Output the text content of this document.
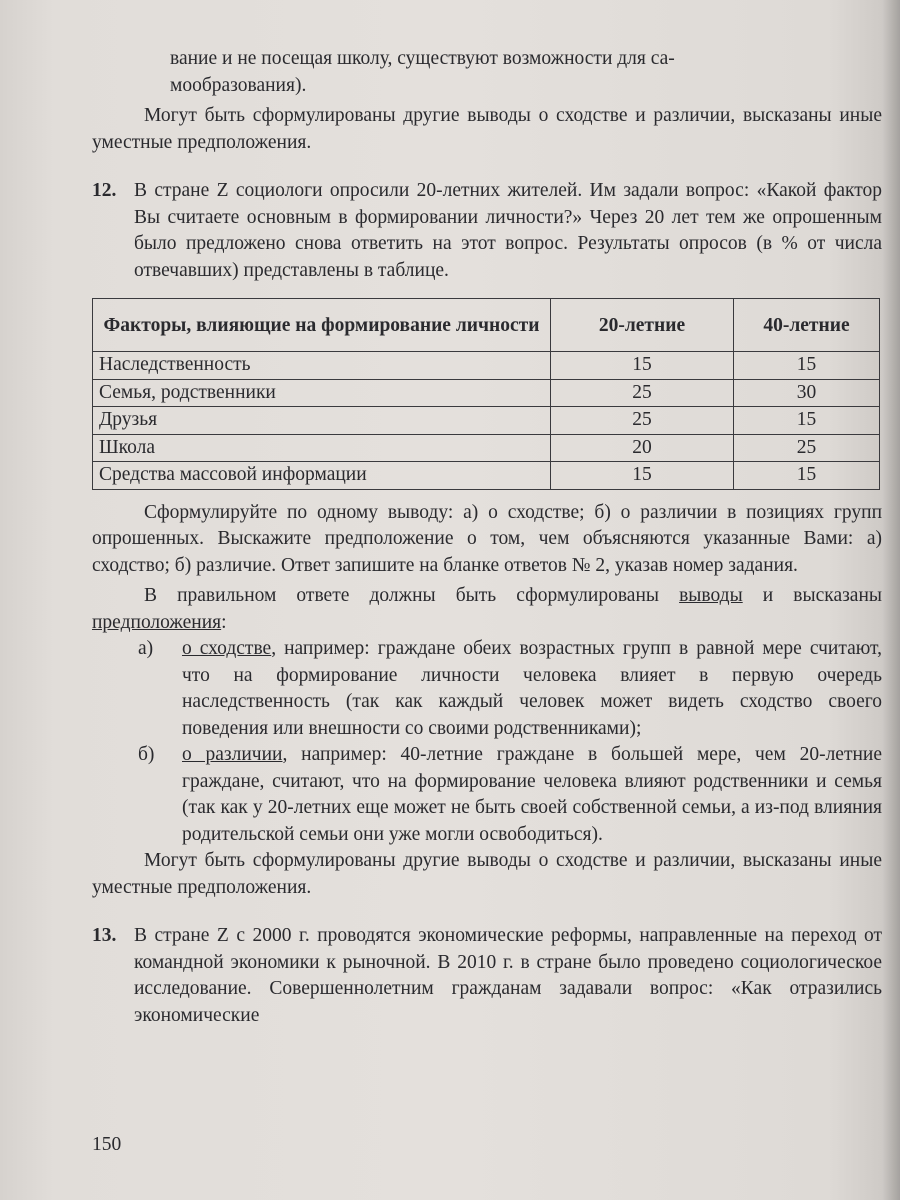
вание и не посещая школу, существуют возможности для са-

мообразования).

Могут быть сформулированы другие выводы о сходстве и различии, высказаны иные уместные предположения.

12. В стране Z социологи опросили 20-летних жителей. Им задали вопрос: «Какой фактор Вы считаете основным в формировании личности?» Через 20 лет тем же опрошенным было предложено снова ответить на этот вопрос. Результаты опросов (в % от числа отвечавших) представлены в таблице.

Факторы, влияющие на формирование личности	20-летние	40-летние
Наследственность	15	15
Семья, родственники	25	30
Друзья	25	15
Школа	20	25
Средства массовой информации	15	15

Сформулируйте по одному выводу: а) о сходстве; б) о различии в позициях групп опрошенных. Выскажите предположение о том, чем объясняются указанные Вами: а) сходство; б) различие. Ответ запишите на бланке ответов № 2, указав номер задания.

В правильном ответе должны быть сформулированы выводы и высказаны предположения:

а) о сходстве, например: граждане обеих возрастных групп в равной мере считают, что на формирование личности человека влияет в первую очередь наследственность (так как каждый человек может видеть сходство своего поведения или внешности со своими родственниками);

б) о различии, например: 40-летние граждане в большей мере, чем 20-летние граждане, считают, что на формирование человека влияют родственники и семья (так как у 20-летних еще может не быть своей собственной семьи, а из-под влияния родительской семьи они уже могли освободиться).

Могут быть сформулированы другие выводы о сходстве и различии, высказаны иные уместные предположения.

13. В стране Z с 2000 г. проводятся экономические реформы, направленные на переход от командной экономики к рыночной. В 2010 г. в стране было проведено социологическое исследование. Совершеннолетним гражданам задавали вопрос: «Как отразились экономические

150
